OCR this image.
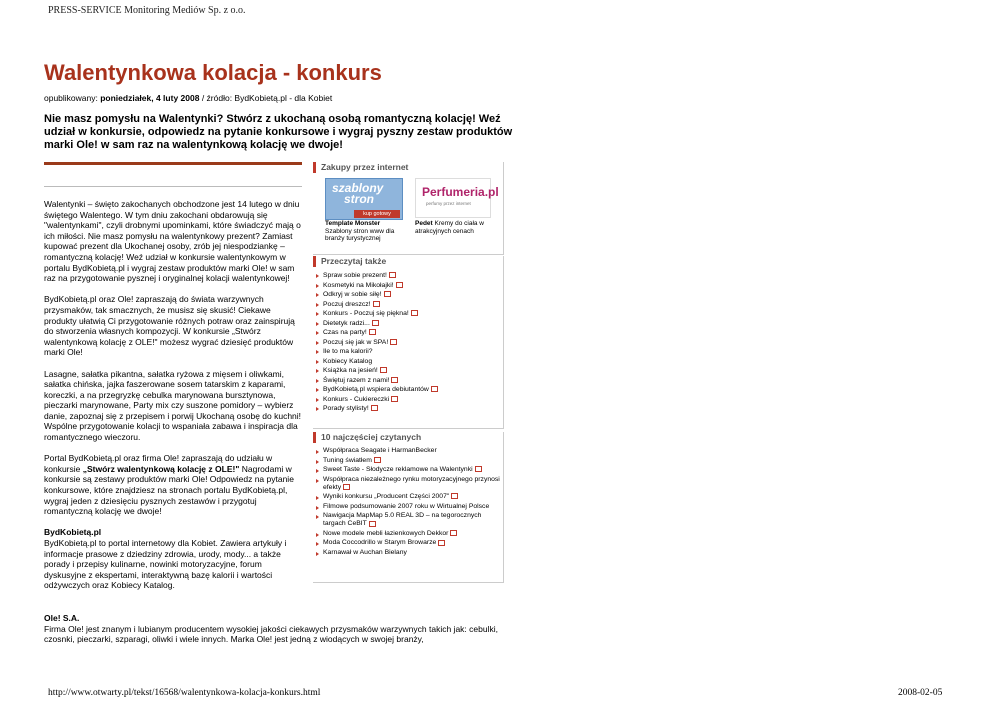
PRESS-SERVICE Monitoring Mediów Sp. z o.o.
Walentynkowa kolacja - konkurs
opublikowany: poniedziałek, 4 luty 2008 / źródło: BydKobietą.pl - dla Kobiet
Nie masz pomysłu na Walentynki? Stwórz z ukochaną osobą romantyczną kolację! Weź udział w konkursie, odpowiedz na pytanie konkursowe i wygraj pyszny zestaw produktów marki Ole! w sam raz na walentynkową kolację we dwoje!

Walentynki – święto zakochanych obchodzone jest 14 lutego w dniu świętego Walentego. W tym dniu zakochani obdarowują się "walentynkami", czyli drobnymi upominkami, które świadczyć mają o ich miłości. Nie masz pomysłu na walentynkowy prezent? Zamiast kupować prezent dla Ukochanej osoby, zrób jej niespodziankę – romantyczną kolację! Weź udział w konkursie walentynkowym w portalu BydKobietą.pl i wygraj zestaw produktów marki Ole! w sam raz na przygotowanie pysznej i oryginalnej kolacji walentynkowej!

BydKobietą.pl oraz Ole! zapraszają do świata warzywnych przysmaków, tak smacznych, że musisz się skusić! Ciekawe produkty ułatwią Ci przygotowanie różnych potraw oraz zainspirują do stworzenia własnych kompozycji. W konkursie „Stwórz walentynkową kolację z OLE!" możesz wygrać dziesięć produktów marki Ole!

Lasagne, sałatka pikantna, sałatka ryżowa z mięsem i oliwkami, sałatka chińska, jajka faszerowane sosem tatarskim z kaparami, koreczki, a na przegryzkę cebulka marynowana bursztynowa, pieczarki marynowane, Party mix czy suszone pomidory – wybierz danie, zapoznaj się z przepisem i porwij Ukochaną osobę do kuchni! Wspólne przygotowanie kolacji to wspaniała zabawa i inspiracja dla romantycznego wieczoru.

Portal BydKobietą.pl oraz firma Ole! zapraszają do udziału w konkursie „Stwórz walentynkową kolację z OLE!" Nagrodami w konkursie są zestawy produktów marki Ole! Odpowiedz na pytanie konkursowe, które znajdziesz na stronach portalu BydKobietą.pl, wygraj jeden z dziesięciu pysznych zestawów i przygotuj romantyczną kolację we dwoje!

BydKobietą.pl
BydKobietą.pl to portal internetowy dla Kobiet. Zawiera artykuły i informacje prasowe z dziedziny zdrowia, urody, mody... a także porady i przepisy kulinarne, nowinki motoryzacyjne, forum dyskusyjne z ekspertami, interaktywną bazę kalorii i wartości odżywczych oraz Kobiecy Katalog.

Ole! S.A.
Firma Ole! jest znanym i lubianym producentem wysokiej jakości ciekawych przysmaków warzywnych takich jak: cebulki, czosnki, pieczarki, szparagi, oliwki i wiele innych. Marka Ole! jest jedną z wiodących w swojej branży,
Zakupy przez internet
szablony
stron
kup gotowy
Perfumeria.pl
perfumy przez internet
Template Monster Szablony stron www dla branży turystycznej
Pedet Kremy do ciała w atrakcyjnych cenach
Przeczytaj także
Spraw sobie prezent!
Kosmetyki na Mikołajki!
Odkryj w sobie siłę!
Poczuj dreszcz!
Konkurs - Poczuj się piękna!
Dietetyk radzi...
Czas na party!
Poczuj się jak w SPA!
Ile to ma kalorii?
Kobiecy Katalog
Książka na jesień!
Świętuj razem z nami!
BydKobietą.pl wspiera debiutantów
Konkurs - Cukiereczki
Porady stylisty!
10 najczęściej czytanych
Współpraca Seagate i HarmanBecker
Tuning światłem
Sweet Taste - Słodycze reklamowe na Walentynki
Współpraca niezależnego rynku motoryzacyjnego przynosi efekty
Wyniki konkursu „Producent Części 2007"
Filmowe podsumowanie 2007 roku w Wirtualnej Polsce
Nawigacja MapMap 5.0 REAL 3D – na tegorocznych targach CeBIT
Nowe modele mebli łazienkowych Dekkor
Moda Coccodrillo w Starym Browarze
Karnawał w Auchan Bielany
http://www.otwarty.pl/tekst/16568/walentynkowa-kolacja-konkurs.html	2008-02-05
